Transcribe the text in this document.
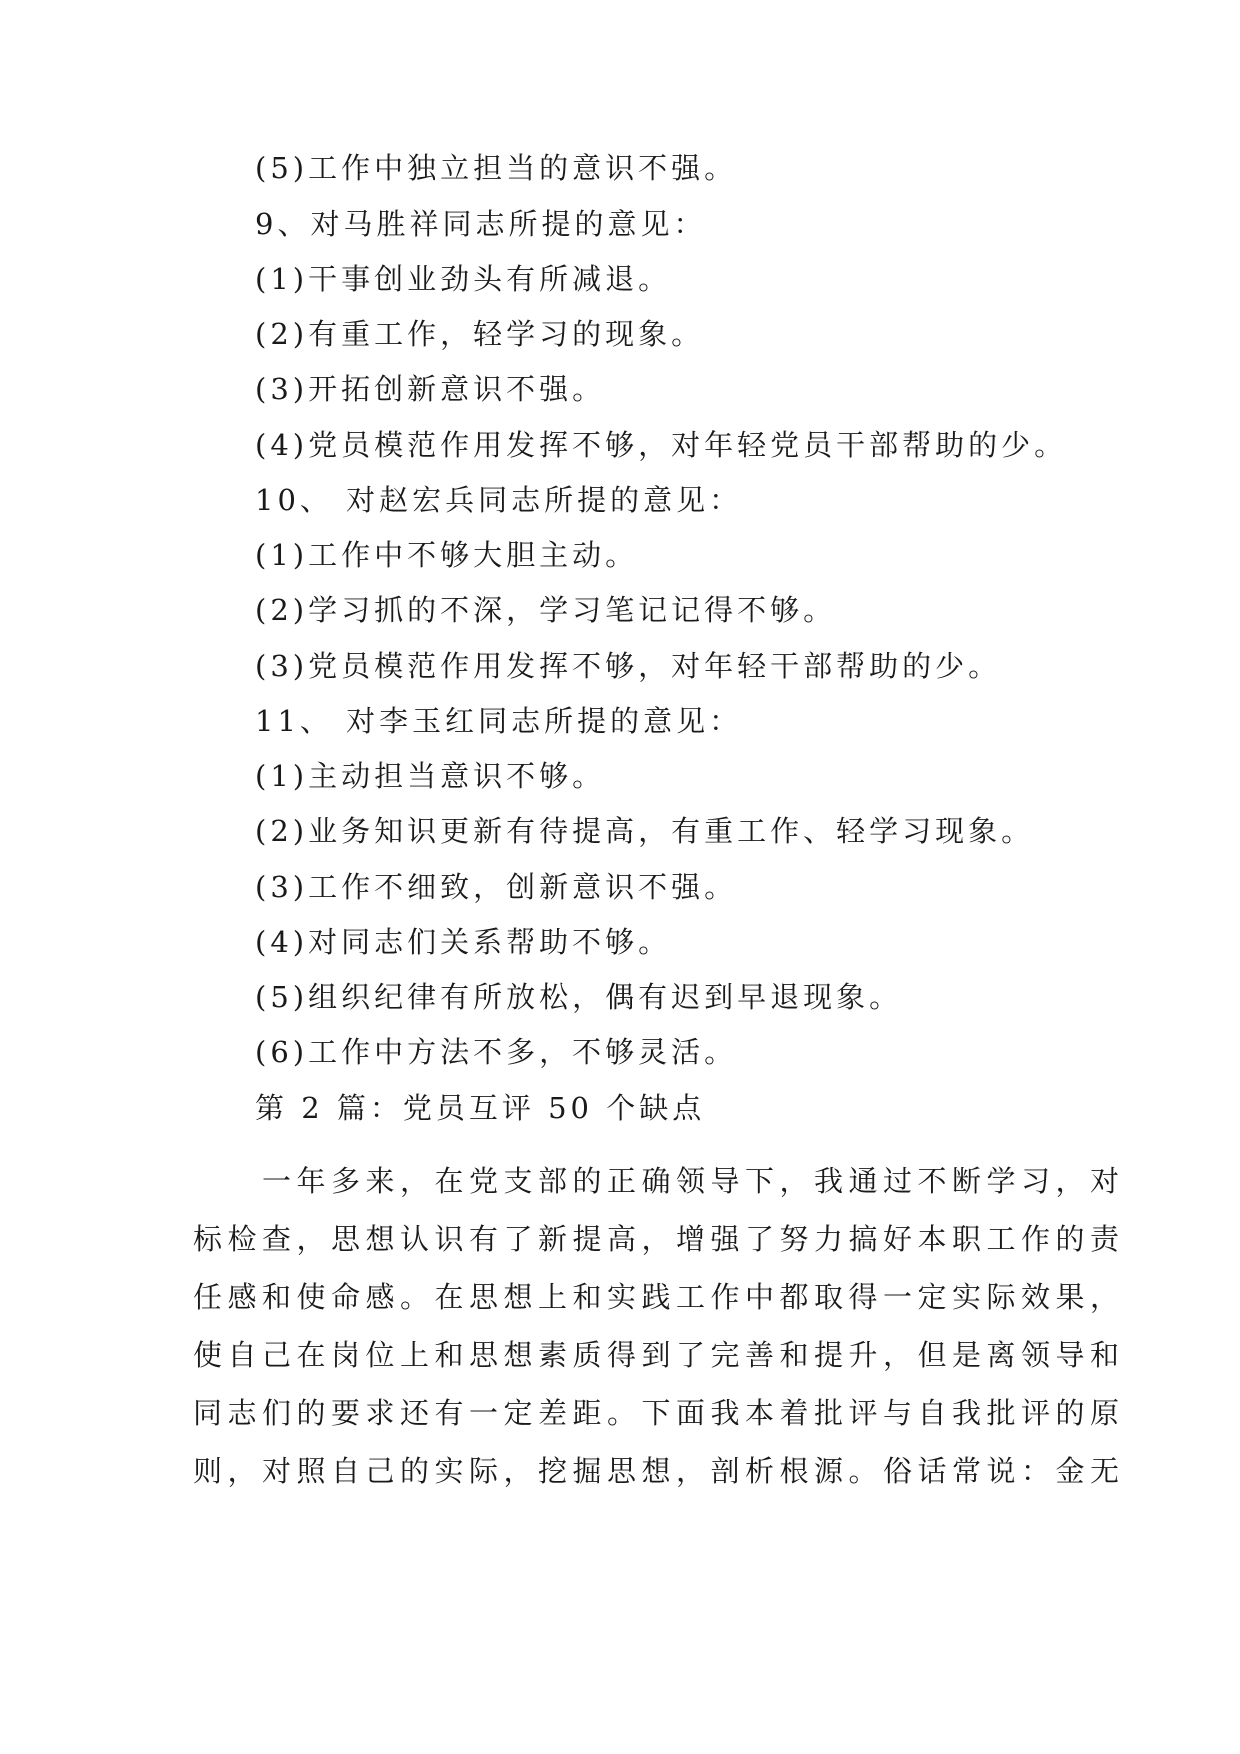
(5)工作中独立担当的意识不强。
9、对马胜祥同志所提的意见：
(1)干事创业劲头有所减退。
(2)有重工作，轻学习的现象。
(3)开拓创新意识不强。
(4)党员模范作用发挥不够，对年轻党员干部帮助的少。
10、 对赵宏兵同志所提的意见：
(1)工作中不够大胆主动。
(2)学习抓的不深，学习笔记记得不够。
(3)党员模范作用发挥不够，对年轻干部帮助的少。
11、 对李玉红同志所提的意见：
(1)主动担当意识不够。
(2)业务知识更新有待提高，有重工作、轻学习现象。
(3)工作不细致，创新意识不强。
(4)对同志们关系帮助不够。
(5)组织纪律有所放松，偶有迟到早退现象。
(6)工作中方法不多，不够灵活。
第 2 篇：党员互评 50 个缺点
　　一年多来，在党支部的正确领导下，我通过不断学习，对
标检查，思想认识有了新提高，增强了努力搞好本职工作的责
任感和使命感。在思想上和实践工作中都取得一定实际效果，
使自己在岗位上和思想素质得到了完善和提升，但是离领导和
同志们的要求还有一定差距。下面我本着批评与自我批评的原
则，对照自己的实际，挖掘思想，剖析根源。俗话常说：金无
